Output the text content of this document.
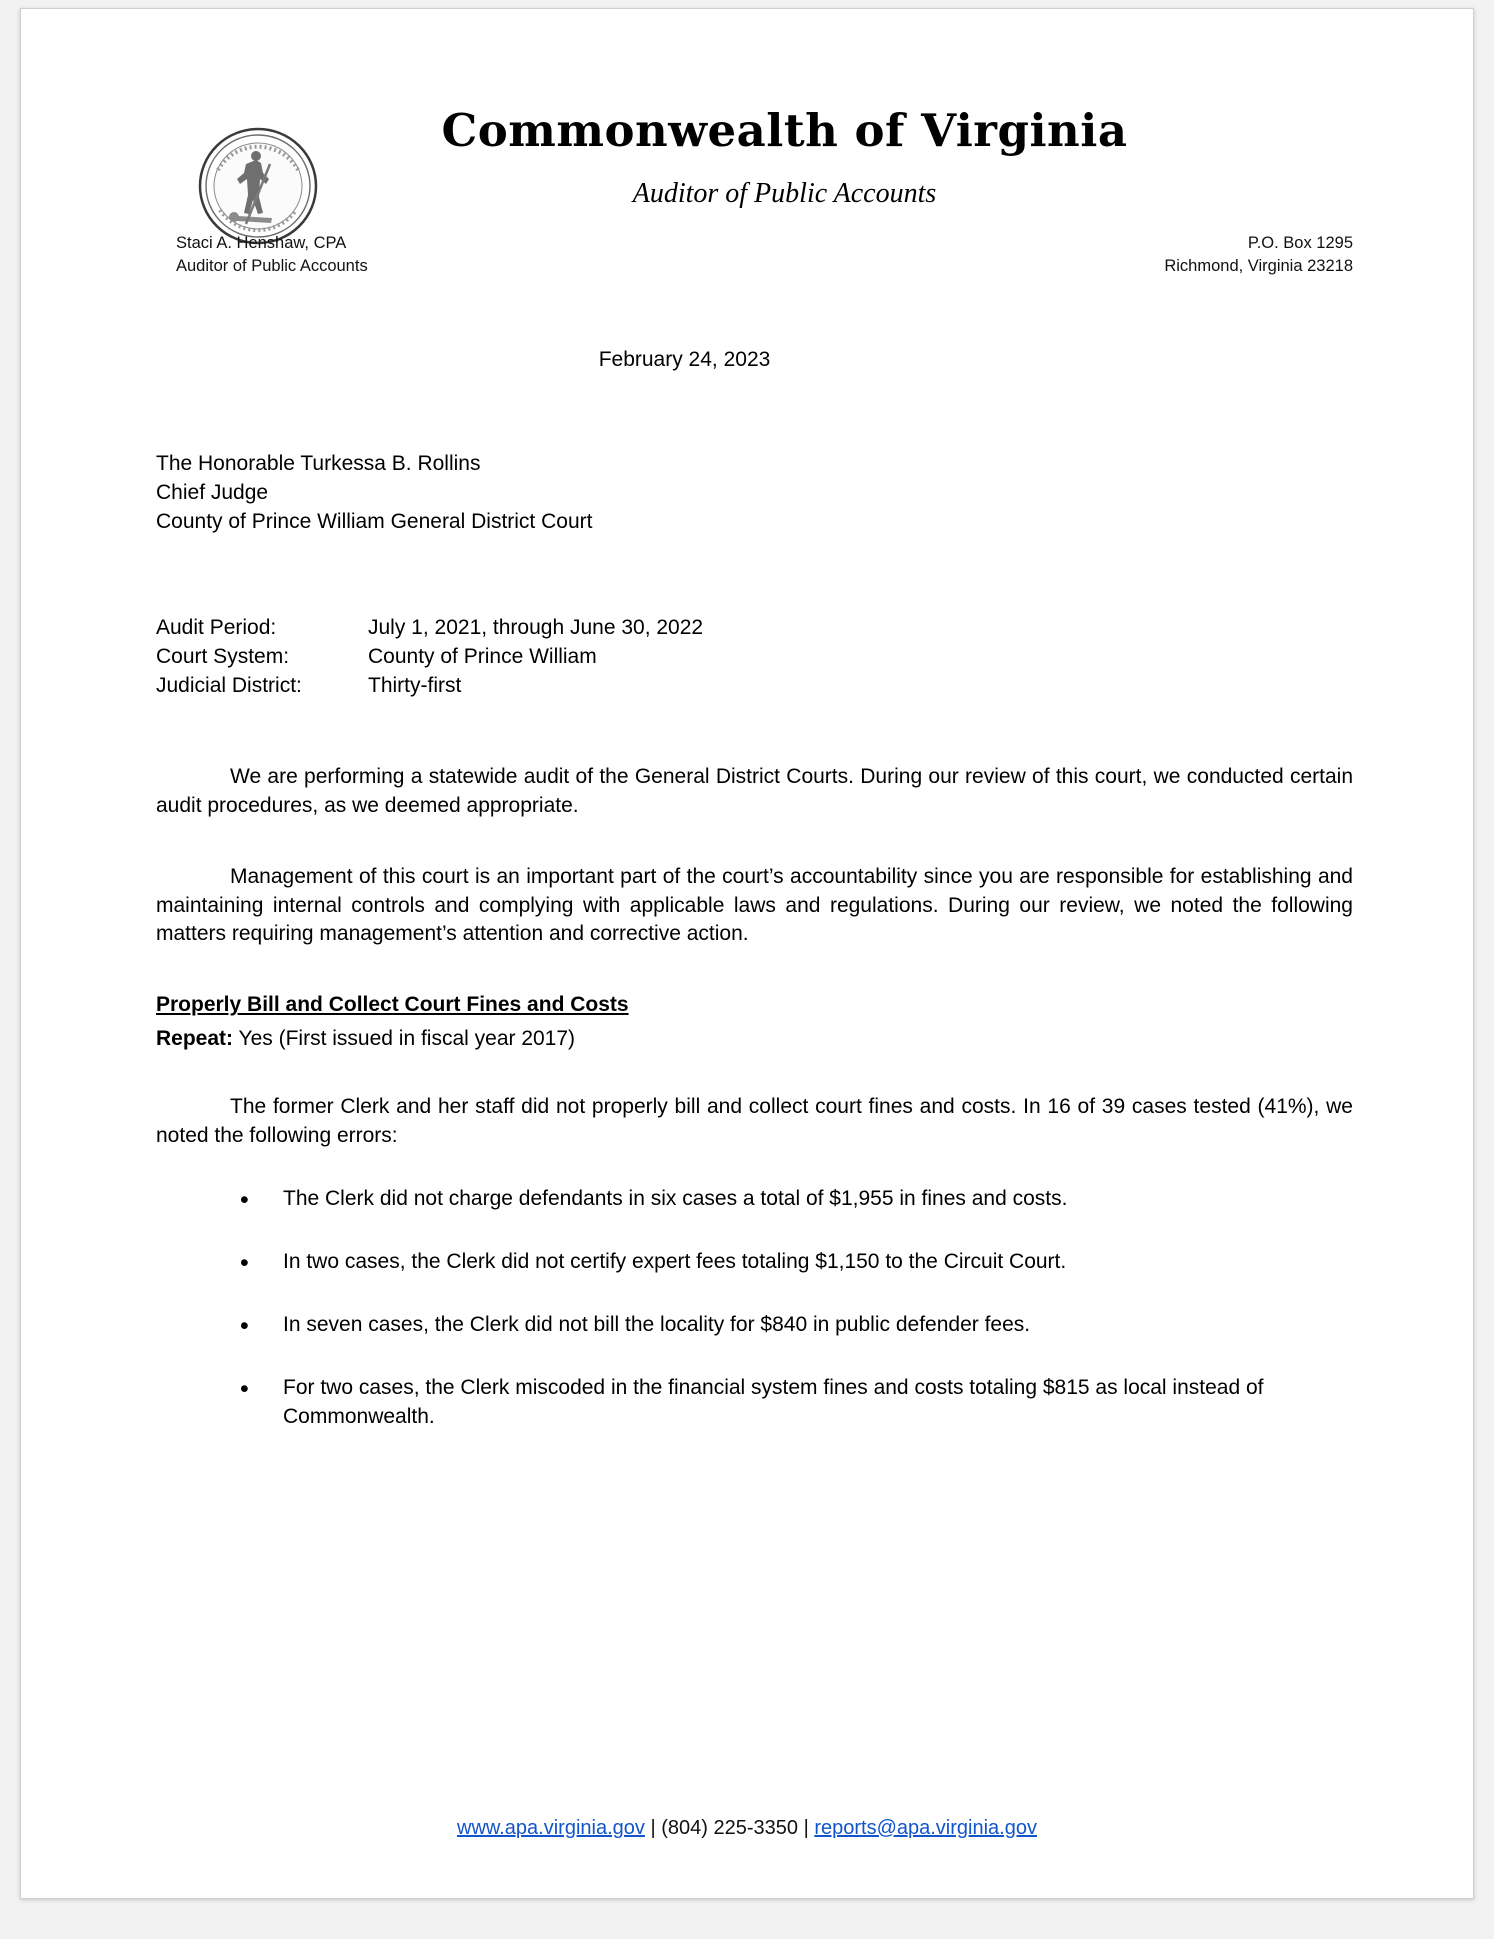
Commonwealth of Virginia
Auditor of Public Accounts
Staci A. Henshaw, CPA
Auditor of Public Accounts
P.O. Box 1295
Richmond, Virginia 23218
February 24, 2023
The Honorable Turkessa B. Rollins
Chief Judge
County of Prince William General District Court
Audit Period:	July 1, 2021, through June 30, 2022
Court System:	County of Prince William
Judicial District:	Thirty-first
We are performing a statewide audit of the General District Courts. During our review of this court, we conducted certain audit procedures, as we deemed appropriate.
Management of this court is an important part of the court’s accountability since you are responsible for establishing and maintaining internal controls and complying with applicable laws and regulations. During our review, we noted the following matters requiring management’s attention and corrective action.
Properly Bill and Collect Court Fines and Costs
Repeat: Yes (First issued in fiscal year 2017)
The former Clerk and her staff did not properly bill and collect court fines and costs. In 16 of 39 cases tested (41%), we noted the following errors:
• The Clerk did not charge defendants in six cases a total of $1,955 in fines and costs.
• In two cases, the Clerk did not certify expert fees totaling $1,150 to the Circuit Court.
• In seven cases, the Clerk did not bill the locality for $840 in public defender fees.
• For two cases, the Clerk miscoded in the financial system fines and costs totaling $815 as local instead of Commonwealth.
www.apa.virginia.gov | (804) 225-3350 | reports@apa.virginia.gov
